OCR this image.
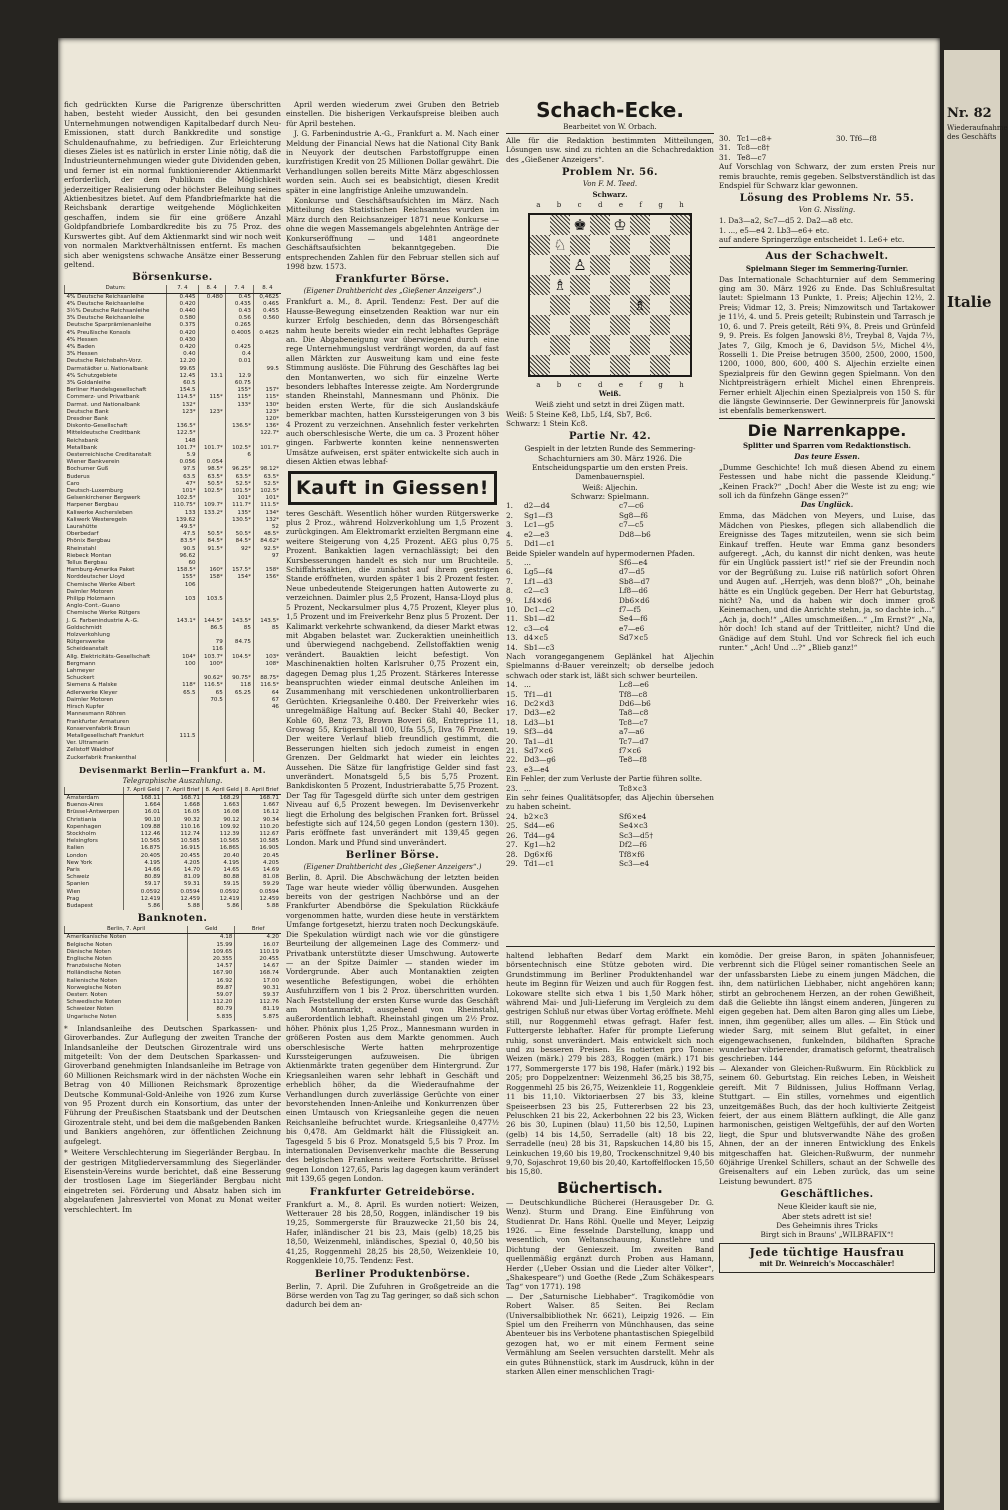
fich gedrückten Kurse die Parigrenze überschritten haben, besteht wieder Aussicht, den bei gesunden Unternehmungen notwendigen Kapitalbedarf durch Neu-Emissionen, statt durch Bankkredite und sonstige Schuldenaufnahme, zu befriedigen. Zur Erleichterung dieses Zieles ist es natürlich in erster Linie nötig, daß die Industrieunternehmungen wieder gute Dividenden geben, und ferner ist ein normal funktionierender Aktienmarkt erforderlich, der dem Publikum die Möglichkeit jederzeitiger Realisierung oder höchster Beleihung seines Aktienbesitzes bietet. Auf dem Pfandbriefmarkte hat die Reichsbank derartige weitgehende Möglichkeiten geschaffen, indem sie für eine größere Anzahl Goldpfandbriefe Lombardkredite bis zu 75 Proz. des Kurswertes gibt. Auf dem Aktienmarkt sind wir noch weit von normalen Marktverhältnissen entfernt. Es machen sich aber wenigstens schwache Ansätze einer Besserung geltend.
Börsenkurse.
Datum:	7. 4	8. 4	7. 4	8. 4
4% Deutsche Reichsanleihe	0.445	0.480	0.45	0,4625
4% Deutsche Reichsanleihe	0.420		0.435	0.465
3½% Deutsche Reichsanleihe	0.440		0.43	0.455
3% Deutsche Reichsanleihe	0.580		0.56	0.560
Deutsche Sparprämienanleihe	0.375		0.265	
4% Preußische Konsols	0.420		0.4005	0.4625
4% Hessen	0.430			
4% Baden	0.420		0.425	
3% Hessen	0.40		0.4	
Deutsche Reichsbahn-Vorz.	12.20		0.01	
Darmstädter u. Nationalbank	99.65			99.5
4% Schutzgebiete	12.45	13.1	12.9	
3% Goldanleihe	60.5		60.75	
Berliner Handelsgesellschaft	154.5		155*	157*
Commerz- und Privatbank	114.5*	115*	115*	115*
Darmst. und Nationalbank	132*		133*	130*
Deutsche Bank	123*	123*		123*
Dresdner Bank				120*
Diskonto-Gesellschaft	136.5*		136.5*	136*
Mitteldeutsche Creditbank	122.5*			122.7*
Reichsbank	148			
Metallbank	101.7*	101.7*	102.5*	101.7*
Oesterreichische Creditanstalt	5.9		6	
Wiener Bankverein	0.056	0.054		
Bochumer Guß	97.5	98.5*	96.25*	98.12*
Buderus	63.5	63.5*	63.5*	63.5*
Caro	47*	50.5*	52.5*	52.5*
Deutsch-Luxemburg	101*	102.5*	101.5*	102.5*
Gelsenkirchener Bergwerk	102.5*		101*	101*
Harpener Bergbau	110.75*	109.7*	111.7*	111.5*
Kaliwerke Aschersleben	133	133.2*	135*	134*
Kaliwerk Westeregeln	139.62		130.5*	132*
Laurahütte	49.5*			52
Oberbedarf	47.5	50.5*	50.5*	48.5*
Phönix Bergbau	83.5*	84.5*	84.5*	84.62*
Rheinstahl	90.5	91.5*	92*	92.5*
Riebeck Montan	96.62			97
Tellus Bergbau	60			
Hamburg-Amerika Paket	158.5*	160*	157.5*	158*
Norddeutscher Lloyd	155*	158*	154*	156*
Chemische Werke Albert	106			
Daimler Motoren				
Philipp Holzmann	103	103.5		
Anglo-Cont.-Guano				
Chemische Werke Rütgers				
J. G. Farbenindustrie A.-G.	143.1*	144.5*	143.5*	143.5*
Goldschmidt		86.5	85	85
Holzverkohlung				
Rütgerswerke		79	84.75	
Scheideanstalt		116		
Allg. Elektricitäts-Gesellschaft	104*	103.7*	104.5*	103*
Bergmann	100	100*		108*
Lahmeyer				
Schuckert		90.62*	90.75*	88.75*
Siemens & Halske	118*	116.5*	118	116.5*
Adlerwerke Kleyer	65.5	65	65.25	64
Daimler Motoren		70.5		67
Hirsch Kupfer				46
Mannesmann Röhren				
Frankfurter Armaturen				
Konservenfabrik Braun				
Metallgesellschaft Frankfurt	111.5			
Ver. Ultramarin				
Zellstoff Waldhof				
Zuckerfabrik Frankenthal				
Devisenmarkt Berlin—Frankfurt a. M.
Telegraphische Auszahlung.
	7. April Geld	7. April Brief	8. April Geld	8. April Brief
Amsterdam	168.11	168.71	168.29	168.71
Buenos-Aires	1.664	1.668	1.663	1.667
Brüssel-Antwerpen	16.01	16.05	16.08	16.12
Christiania	90.10	90.32	90.12	90.34
Kopenhagen	109.88	110.16	109.92	110.20
Stockholm	112.46	112.74	112.39	112.67
Helsingfors	10.565	10.585	10.565	10.585
Italien	16.875	16.915	16.865	16.905
London	20.405	20.455	20.40	20.45
New York	4.195	4.205	4.195	4.205
Paris	14.66	14.70	14.65	14.69
Schweiz	80.89	81.09	80.88	81.08
Spanien	59.17	59.31	59.15	59.29
Wien	0.0592	0.0594	0.0592	0.0594
Prag	12.419	12.459	12.419	12.459
Budapest	5.86	5.88	5.86	5.88
Banknoten.
Berlin, 7. April	Geld	Brief
Amerikanische Noten	4.18	4.20
Belgische Noten	15.99	16.07
Dänische Noten	109.65	110.19
Englische Noten	20.355	20.455
Französische Noten	14.57	14.67
Holländische Noten	167.90	168.74
Italienische Noten	16.92	17.00
Norwegische Noten	89.87	90.31
Oesterr. Noten	59.07	59.37
Schwedische Noten	112.20	112.76
Schweizer Noten	80.79	81.19
Ungarische Noten	5.835	5.875
* Inlandsanleihe des Deutschen Sparkassen- und Giroverbandes. Zur Auflegung der zweiten Tranche der Inlandsanleihe der Deutschen Girozentrale wird uns mitgeteilt: Von der dem Deutschen Sparkassen- und Giroverband genehmigten Inlandsanleihe im Betrage von 60 Millionen Reichsmark wird in der nächsten Woche ein Betrag von 40 Millionen Reichsmark 8prozentige Deutsche Kommunal-Gold-Anleihe von 1926 zum Kurse von 95 Prozent durch ein Konsortium, das unter der Führung der Preußischen Staatsbank und der Deutschen Girozentrale steht, und bei dem die maßgebenden Banken und Bankiers angehören, zur öffentlichen Zeichnung aufgelegt.
* Weitere Verschlechterung im Siegerländer Bergbau. In der gestrigen Mitgliederversammlung des Siegerländer Eisenstein-Vereins wurde berichtet, daß eine Besserung der trostlosen Lage im Siegerländer Bergbau nicht eingetreten sei. Förderung und Absatz haben sich im abgelaufenen Jahresviertel von Monat zu Monat weiter verschlechtert. Im

April werden wiederum zwei Gruben den Betrieb einstellen. Die bisherigen Verkaufspreise bleiben auch für April bestehen.

J. G. Farbenindustrie A.-G., Frankfurt a. M. Nach einer Meldung der Financial News hat die National City Bank in Neuyork der deutschen Farbstoffgruppe einen kurzfristigen Kredit von 25 Millionen Dollar gewährt. Die Verhandlungen sollen bereits Mitte März abgeschlossen worden sein. Auch sei es beabsichtigt, diesen Kredit später in eine langfristige Anleihe umzuwandeln.

Konkurse und Geschäftsaufsichten im März. Nach Mitteilung des Statistischen Reichsamtes wurden im März durch den Reichsanzeiger 1871 neue Konkurse — ohne die wegen Massemangels abgelehnten Anträge der Konkurseröffnung — und 1481 angeordnete Geschäftsaufsichten bekanntgegeben. Die entsprechenden Zahlen für den Februar stellen sich auf 1998 bzw. 1573.

Frankfurter Börse.
(Eigener Drahtbericht des „Gießener Anzeigers“.)
Frankfurt a. M., 8. April. Tendenz: Fest. Der auf die Hausse-Bewegung einsetzenden Reaktion war nur ein kurzer Erfolg beschieden, denn das Börsengeschäft nahm heute bereits wieder ein recht lebhaftes Gepräge an. Die Abgabeneigung war überwiegend durch eine rege Unternehmungslust verdrängt worden, da auf fast allen Märkten zur Ausweitung kam und eine feste Stimmung auslöste. Die Führung des Geschäftes lag bei den Montanwerten, wo sich für einzelne Werte besonders lebhaftes Interesse zeigte. Am Nordergrunde standen Rheinstahl, Mannesmann und Phönix. Die beiden ersten Werte, für die sich Auslandskäufe bemerkbar machten, hatten Kurssteigerungen von 3 bis 4 Prozent zu verzeichnen. Ansehnlich fester verkehrten auch oberschlesische Werte, die um ca. 3 Prozent höher gingen. Farbwerte konnten keine nennenswerten Umsätze aufweisen, erst später entwickelte sich auch in diesen Aktien etwas lebhaf-
Kauft in Giessen!
teres Geschäft. Wesentlich höher wurden Rütgerswerke plus 2 Proz., während Holzverkohlung um 1,5 Prozent zurückgingen. Am Elektromarkt erzielten Bergmann eine weitere Steigerung von 4,25 Prozent. AEG plus 0,75 Prozent. Bankaktien lagen vernachlässigt; bei den Kursbesserungen handelt es sich nur um Bruchteile. Schiffahrtsaktien, die zunächst auf ihrem gestrigen Stande eröffneten, wurden später 1 bis 2 Prozent fester. Neue unbedeutende Steigerungen hatten Autowerte zu verzeichnen. Daimler plus 2,5 Prozent, Hansa-Lloyd plus 5 Prozent, Neckarsulmer plus 4,75 Prozent, Kleyer plus 1,5 Prozent und im Freiverkehr Benz plus 5 Prozent. Der Kalimarkt verkehrte schwankend, da dieser Markt etwas mit Abgaben belastet war. Zuckeraktien uneinheitlich und überwiegend nachgebend. Zellstoffaktien wenig verändert. Bauaktien leicht befestigt. Von Maschinenaktien holten Karlsruher 0,75 Prozent ein, dagegen Demag plus 1,25 Prozent. Stärkeres Interesse beanspruchten wieder einmal deutsche Anleihen im Zusammenhang mit verschiedenen unkontrollierbaren Gerüchten. Kriegsanleihe 0.480. Der Freiverkehr wies unregelmäßige Haltung auf. Becker Stahl 40, Becker Kohle 60, Benz 73, Brown Boveri 68, Entreprise 11, Growag 55, Krügershall 100, Ufa 55,5, Ilva 76 Prozent. Der weitere Verlauf blieb freundlich gestimmt, die Besserungen hielten sich jedoch zumeist in engen Grenzen. Der Geldmarkt hat wieder ein leichtes Aussehen. Die Sätze für langfristige Gelder sind fast unverändert. Monatsgeld 5,5 bis 5,75 Prozent. Bankdiskonten 5 Prozent, Industrierabatte 5,75 Prozent. Der Tag für Tagesgeld dürfte sich unter dem gestrigen Niveau auf 6,5 Prozent bewegen. Im Devisenverkehr liegt die Erholung des belgischen Franken fort. Brüssel befestigte sich auf 124,50 gegen London (gestern 130). Paris eröffnete fast unverändert mit 139,45 gegen London. Mark und Pfund sind unverändert.
Berliner Börse.
(Eigener Drahtbericht des „Gießener Anzeigers“.)
Berlin, 8. April. Die Abschwächung der letzten beiden Tage war heute wieder völlig überwunden. Ausgehen bereits von der gestrigen Nachbörse und an der Frankfurter Abendbörse die Spekulation Rückkäufe vorgenommen hatte, wurden diese heute in verstärktem Umfange fortgesetzt, hierzu traten noch Deckungskäufe. Die Spekulation würdigt nach wie vor die günstigere Beurteilung der allgemeinen Lage des Commerz- und Privatbank unterstützte dieser Umschwung. Autowerte — an der Spitze Daimler — standen wieder im Vordergrunde. Aber auch Montanaktien zeigten wesentliche Befestigungen, wobei die erhöhten Ausfuhrziffern von 1 bis 2 Proz. überschritten wurden. Nach Feststellung der ersten Kurse wurde das Geschäft am Montanmarkt, ausgehend von Rheinstahl, außerordentlich lebhaft. Rheinstahl gingen um 2½ Proz. höher. Phönix plus 1,25 Proz., Mannesmann wurden in größeren Posten aus dem Markte genommen. Auch oberschlesische Werte hatten mehrprozentige Kurssteigerungen aufzuweisen. Die übrigen Aktienmärkte traten gegenüber dem Hintergrund. Zur Kriegsanleihen waren sehr lebhaft in Geschäft und erheblich höher, da die Wiederaufnahme der Verhandlungen durch zuverlässige Gerüchte von einer bevorstehenden Innen-Anleihe und Konkurrenzen über einen Umtausch von Kriegsanleihe gegen die neuen Reichsanleihe befruchtet wurde. Kriegsanleihe 0,477½ bis 0,478. Am Geldmarkt hält die Flüssigkeit an. Tagesgeld 5 bis 6 Proz. Monatsgeld 5,5 bis 7 Proz. Im internationalen Devisenverkehr machte die Besserung des belgischen Frankens weitere Fortschritte. Brüssel gegen London 127,65, Paris lag dagegen kaum verändert mit 139,65 gegen London.
Frankfurter Getreidebörse.
Frankfurt a. M., 8. April. Es wurden notiert: Weizen, Wetterauer 28 bis 28,50, Roggen, inländischer 19 bis 19,25, Sommergerste für Brauzwecke 21,50 bis 24, Hafer, inländischer 21 bis 23, Mais (gelb) 18,25 bis 18,50, Weizenmehl, inländisches, Spezial 0, 40,50 bis 41,25, Roggenmehl 28,25 bis 28,50, Weizenkleie 10, Roggenkleie 10,75. Tendenz: Fest.
Berliner Produktenbörse.
Berlin, 7. April. Die Zufuhren in Großgetreide an die Börse werden von Tag zu Tag geringer, so daß sich schon dadurch bei dem an-
Schach-Ecke.
Bearbeitet von W. Orbach.
Alle für die Redaktion bestimmten Mitteilungen, Lösungen usw. sind zu richten an die Schachredaktion des „Gießener Anzeigers“.
Problem Nr. 56.
Von F. M. Teed.
Schwarz.
a b c d e f g h
♔
♗
♗
♘
♙
♚
a b c d e f g h
Weiß.
Weiß zieht und setzt in drei Zügen matt.
Weiß: 5 Steine Ke8, Lb5, Lf4, Sb7, Bc6.
Schwarz: 1 Stein Kc8.
Partie Nr. 42.
Gespielt in der letzten Runde des Semmering-Schachturniers am 30. März 1926. Die Entscheidungspartie um den ersten Preis.
Damenbauernspiel.
Weiß: Aljechin.
Schwarz: Spielmann.
1.	d2—d4	c7—c6
2.	Sg1—f3	Sg8—f6
3.	Lc1—g5	c7—c5
4.	e2—e3	Dd8—b6
5.	Dd1—c1
Beide Spieler wandeln auf hypermodernen Pfaden.
5.	...	Sf6—e4
6.	Lg5—f4	d7—d5
7.	Lf1—d3	Sb8—d7
8.	c2—c3	Lf8—d6
9.	Lf4×d6	Db6×d6
10. Dc1—c2	f7—f5
11. Sb1—d2	Se4—f6
12. c3—c4	e7—e6
13. d4×c5	Sd7×c5
14. Sb1—c3
Nach vorangegangenem Geplänkel hat Aljechin Spielmanns d-Bauer vereinzelt; ob derselbe jedoch schwach oder stark ist, läßt sich schwer beurteilen.
14. ...	Lc8—e6
15. Tf1—d1	Tf8—c8
16. Dc2×d3	Dd6—b6
17. Dd3—e2	Ta8—c8
18. Ld3—b1	Tc8—c7
19. Sf3—d4	a7—a6
20. Ta1—d1	Tc7—d7
21. Sd7×c6	f7×c6
22. Dd3—g6	Te8—f8
23. e3—e4
Ein Fehler, der zum Verluste der Partie führen sollte.
23. ...	Tc8×c3
Ein sehr feines Qualitätsopfer, das Aljechin übersehen zu haben scheint.
24. b2×c3	Sf6×e4
25. Sd4—e6	Se4×c3
26. Td4—g4	Sc3—d5†
27. Kg1—h2	Df2—f6
28. Dg6×f6	Tf8×f6
29. Td1—c1	Sc3—e4
30. Tc1—c8+	30. Tf6—f8
31. Tc8—c8†
31. Te8—c7
Auf Vorschlag von Schwarz, der zum ersten Preis nur remis brauchte, remis gegeben. Selbstverständlich ist das Endspiel für Schwarz klar gewonnen.
Lösung des Problems Nr. 55.
Von G. Nissling.
1. Da3—a2, Sc7—d5 2. Da2—a8 etc.
1. ..., e5—e4 2. Lb3—e6+ etc.
auf andere Springerzüge entscheidet 1. Le6+ etc.
Aus der Schachwelt.
Spielmann Sieger im Semmering-Turnier.
Das Internationale Schachturnier auf dem Semmering ging am 30. März 1926 zu Ende. Das Schlußresultat lautet: Spielmann 13 Punkte, 1. Preis; Aljechin 12½, 2. Preis; Vidmar 12, 3. Preis; Nimzowitsch und Tartakower je 11½, 4. und 5. Preis geteilt; Rubinstein und Tarrasch je 10, 6. und 7. Preis geteilt, Réti 9¾, 8. Preis und Grünfeld 9, 9. Preis. Es folgen Janowski 8½, Treybal 8, Vajda 7½, Jates 7, Gilg, Kmoch je 6, Davidson 5½, Michel 4½, Rosselli 1. Die Preise betrugen 3500, 2500, 2000, 1500, 1200, 1000, 800, 600, 400 S. Aljechin erzielte einen Spezialpreis für den Gewinn gegen Spielmann. Von den Nichtpreisträgern erhielt Michel einen Ehrenpreis. Ferner erhielt Aljechin einen Spezialpreis von 150 S. für die längste Gewinnserie. Der Gewinnerpreis für Janowski ist ebenfalls bemerkenswert.
Die Narrenkappe.
Splitter und Sparren vom Redaktionstisch.
Das teure Essen.
„Dumme Geschichte! Ich muß diesen Abend zu einem Festessen und habe nicht die passende Kleidung.“ „Keinen Frack?“ „Doch! Aber die Weste ist zu eng; wie soll ich da fünfzehn Gänge essen?“
Das Unglück.
Emma, das Mädchen von Meyers, und Luise, das Mädchen von Pieskes, pflegen sich allabendlich die Ereignisse des Tages mitzuteilen, wenn sie sich beim Einkauf treffen. Heute war Emma ganz besonders aufgeregt. „Ach, du kannst dir nicht denken, was heute für ein Unglück passiert ist!“ rief sie der Freundin noch vor der Begrüßung zu. Luise riß natürlich sofort Ohren und Augen auf. „Herrjeh, was denn bloß?“ „Oh, beinahe hätte es ein Unglück gegeben. Der Herr hat Geburtstag, nicht? Na, und da haben wir doch immer groß Keinemachen, und die Anrichte stehn, ja, so dachte ich...“ „Ach ja, doch!“ „Alles umschmeißen...“ „Im Ernst?“ „Na, hör doch! Ich stand auf der Trittleiter, nicht? Und die Gnädige auf dem Stuhl. Und vor Schreck fiel ich euch runter.“ „Ach! Und ...?“ „Blieb ganz!“
haltend lebhaften Bedarf dem Markt ein börsentechnisch eine Stütze geboten wird. Die Grundstimmung im Berliner Produktenhandel war heute im Beginn für Weizen und auch für Roggen fest. Lokoware stellte sich etwa 1 bis 1,50 Mark höher, während Mai- und Juli-Lieferung im Vergleich zu dem gestrigen Schluß nur etwas über Vortag eröffnete. Mehl still, nur Roggenmehl etwas gefragt. Hafer fest. Futtergerste lebhafter. Hafer für prompte Lieferung ruhig, sonst unverändert. Mais entwickelt sich noch und zu besseren Preisen. Es notierten pro Tonne: Weizen (märk.) 279 bis 283, Roggen (märk.) 171 bis 177, Sommergerste 177 bis 198, Hafer (märk.) 192 bis 205; pro Doppelzentner: Weizenmehl 36,25 bis 38,75, Roggenmehl 25 bis 26,75, Weizenkleie 11, Roggenkleie 11 bis 11,10. Viktoriaerbsen 27 bis 33, kleine Speiseerbsen 23 bis 25, Futtererbsen 22 bis 23, Peluschken 21 bis 22, Ackerbohnen 22 bis 23, Wicken 26 bis 30, Lupinen (blau) 11,50 bis 12,50, Lupinen (gelb) 14 bis 14,50, Serradelle (alt) 18 bis 22, Serradelle (neu) 28 bis 31, Rapskuchen 14,80 bis 15, Leinkuchen 19,60 bis 19,80, Trockenschnitzel 9,40 bis 9,70, Sojaschrot 19,60 bis 20,40, Kartoffelflocken 15,50 bis 15,80.
Büchertisch.
— Deutschkundliche Bücherei (Herausgeber Dr. G. Wenz). Sturm und Drang. Eine Einführung von Studienrat Dr. Hans Röhl. Quelle und Meyer, Leipzig 1926. — Eine fesselnde Darstellung, knapp und wesentlich, von Weltanschauung, Kunstlehre und Dichtung der Genieszeit. Im zweiten Band quellenmäßig ergänzt durch Proben aus Hamann, Herder („Ueber Ossian und die Lieder alter Völker“, „Shakespeare“) und Goethe (Rede „Zum Schäkespears Tag“ von 1771). 198
— Der „Saturnische Liebhaber“. Tragikomödie von Robert Walser. 85 Seiten. Bei Reclam (Universalbibliothek Nr. 6621), Leipzig 1926. — Ein Spiel um den Freiherrn von Münchhausen, das seine Abenteuer bis ins Verbotene phantastischen Spiegelbild gezogen hat, wo er mit einem Ferment seine Vermählung am Seelen versuchten darstellt. Mehr als ein gutes Bühnenstück, stark im Ausdruck, kühn in der starken Allen einer menschlichen Tragi-
komödie. Der greise Baron, in späten Johannisfeuer, verbrennt sich die Flügel seiner romantischen Seele an der unfassbarsten Liebe zu einem jungen Mädchen, die ihn, dem natürlichen Liebhaber, nicht angehören kann; stirbt an gebrochenem Herzen, an der rohen Gewißheit, daß die Geliebte ihn längst einem anderen, Jüngeren zu eigen gegeben hat. Dem alten Baron ging alles um Liebe, innen, ihm gegenüber, alles um alles. — Ein Stück und wieder Sarg, mit seinem Blut gefaltet, in einer eigengewachsenen, funkelnden, bildhaften Sprache wunderbar vibrierender, dramatisch geformt, theatralisch geschrieben. 144
— Alexander von Gleichen-Rußwurm. Ein Rückblick zu seinem 60. Geburtstag. Ein reiches Leben, in Weisheit gereift. Mit 7 Bildnissen, Julius Hoffmann Verlag, Stuttgart. — Ein stilles, vornehmes und eigentlich unzeitgemäßes Buch, das der hoch kultivierte Zeitgeist feiert, der aus einem Blättern aufklingt, die Alle ganz harmonischen, geistigen Weltgefühls, der auf den Worten liegt, die Spur und blutsverwandte Nähe des großen Ahnen, der an der inneren Entwicklung des Enkels mitgeschaffen hat. Gleichen-Rußwurm, der nunmehr 60jährige Urenkel Schillers, schaut an der Schwelle des Greisenalters auf ein Leben zurück, das um seine Leistung bewundert. 875
Geschäftliches.
Neue Kleider kauft sie nie,
Aber stets adrett ist sie!
Des Geheimnis ihres Tricks
Birgt sich in Brauns' „WILBRAFIX“!
Jede tüchtige Hausfrau
mit Dr. Weinreich's Moccaschäler!
Nr. 82
Wiederaufnahme des Geschäfts
Italie
